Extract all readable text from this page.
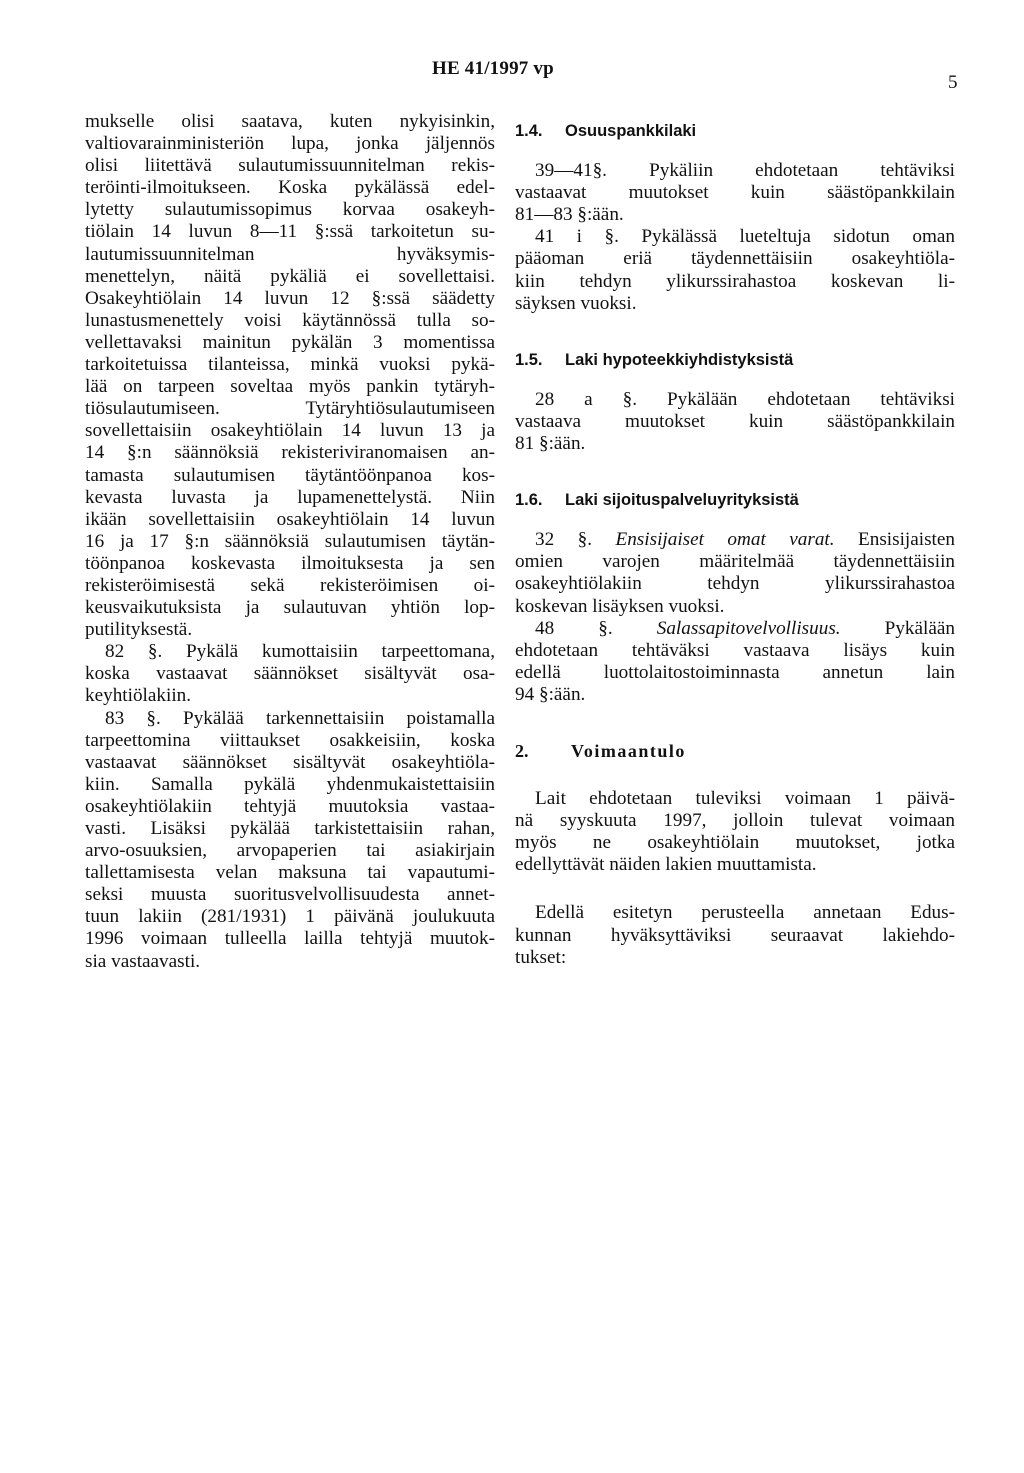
HE 41/1997 vp
5
mukselle olisi saatava, kuten nykyisinkin,
valtiovarainministeriön lupa, jonka jäljennös
olisi liitettävä sulautumissuunnitelman rekis-
teröinti-ilmoitukseen. Koska pykälässä edel-
lytetty sulautumissopimus korvaa osakeyh-
tiölain 14 luvun 8—11 §:ssä tarkoitetun su-
lautumissuunnitelman hyväksymis-
menettelyn, näitä pykäliä ei sovellettaisi.
Osakeyhtiölain 14 luvun 12 §:ssä säädetty
lunastusmenettely voisi käytännössä tulla so-
vellettavaksi mainitun pykälän 3 momentissa
tarkoitetuissa tilanteissa, minkä vuoksi pykä-
lää on tarpeen soveltaa myös pankin tytäryh-
tiösulautumiseen. Tytäryhtiösulautumiseen
sovellettaisiin osakeyhtiölain 14 luvun 13 ja
14 §:n säännöksiä rekisteriviranomaisen an-
tamasta sulautumisen täytäntöönpanoa kos-
kevasta luvasta ja lupamenettelystä. Niin
ikään sovellettaisiin osakeyhtiölain 14 luvun
16 ja 17 §:n säännöksiä sulautumisen täytän-
töönpanoa koskevasta ilmoituksesta ja sen
rekisteröimisestä sekä rekisteröimisen oi-
keusvaikutuksista ja sulautuvan yhtiön lop-
putilityksestä.
82 §. Pykälä kumottaisiin tarpeettomana,
koska vastaavat säännökset sisältyvät osa-
keyhtiölakiin.
83 §. Pykälää tarkennettaisiin poistamalla
tarpeettomina viittaukset osakkeisiin, koska
vastaavat säännökset sisältyvät osakeyhtiöla-
kiin. Samalla pykälä yhdenmukaistettaisiin
osakeyhtiölakiin tehtyjä muutoksia vastaa-
vasti. Lisäksi pykälää tarkistettaisiin rahan,
arvo-osuuksien, arvopaperien tai asiakirjain
tallettamisesta velan maksuna tai vapautumi-
seksi muusta suoritusvelvollisuudesta annet-
tuun lakiin (281/1931) 1 päivänä joulukuuta
1996 voimaan tulleella lailla tehtyjä muutok-
sia vastaavasti.
1.4. Osuuspankkilaki
39—41§. Pykäliin ehdotetaan tehtäviksi
vastaavat muutokset kuin säästöpankkilain
81—83 §:ään.
41 i §. Pykälässä lueteltuja sidotun oman
pääoman eriä täydennettäisiin osakeyhtiöla-
kiin tehdyn ylikurssirahastoa koskevan li-
säyksen vuoksi.
1.5. Laki hypoteekkiyhdistyksistä
28 a §. Pykälään ehdotetaan tehtäviksi
vastaava muutokset kuin säästöpankkilain
81 §:ään.
1.6. Laki sijoituspalveluyrityksistä
32 §. Ensisijaiset omat varat. Ensisijaisten
omien varojen määritelmää täydennettäisiin
osakeyhtiölakiin tehdyn ylikurssirahastoa
koskevan lisäyksen vuoksi.
48 §. Salassapitovelvollisuus. Pykälään
ehdotetaan tehtäväksi vastaava lisäys kuin
edellä luottolaitostoiminnasta annetun lain
94 §:ään.
2. Voimaantulo
Lait ehdotetaan tuleviksi voimaan 1 päivä-
nä syyskuuta 1997, jolloin tulevat voimaan
myös ne osakeyhtiölain muutokset, jotka
edellyttävät näiden lakien muuttamista.
Edellä esitetyn perusteella annetaan Edus-
kunnan hyväksyttäviksi seuraavat lakiehdo-
tukset:
